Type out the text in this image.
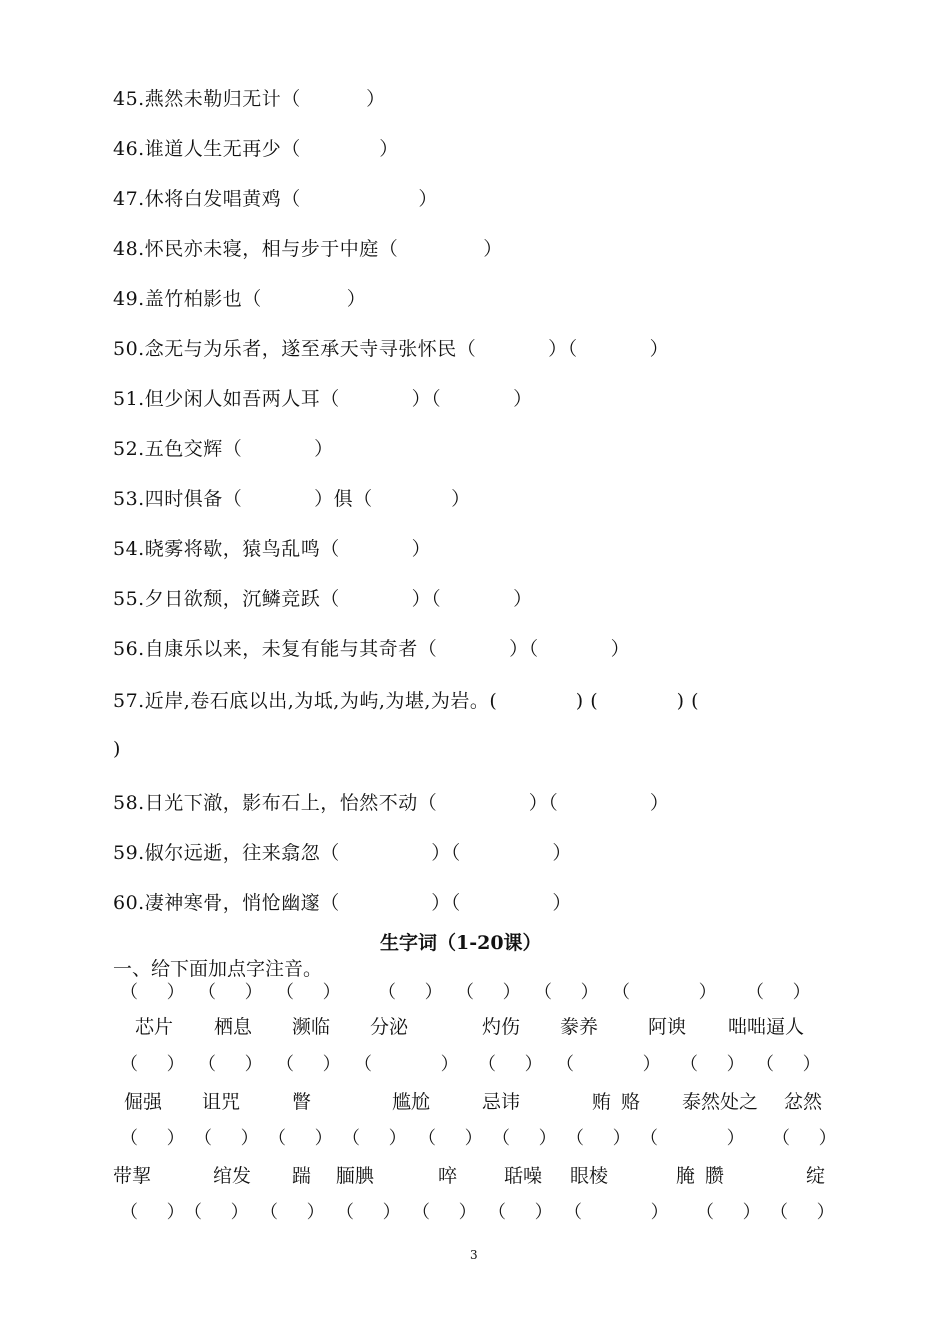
45.燕然未勒归无计（          ）
46.谁道人生无再少（            ）
47.休将白发唱黄鸡（                  ）
48.怀民亦未寝，相与步于中庭（             ）
49.盖竹柏影也（             ）
50.念无与为乐者，遂至承天寺寻张怀民（           ）（           ）
51.但少闲人如吾两人耳（           ）（           ）
52.五色交辉（           ）
53.四时俱备（           ）俱（            ）
54.晓雾将歇，猿鸟乱鸣（           ）
55.夕日欲颓，沉鳞竞跃（           ）（           ）
56.自康乐以来，未复有能与其奇者（           ）（           ）
57.近岸,卷石底以出,为坻,为屿,为堪,为岩。(            ) (            ) (
)
58.日光下澈，影布石上，怡然不动（              ）（              ）
59.俶尔远逝，往来翕忽（              ）（              ）
60.凄神寒骨，悄怆幽邃（              ）（              ）
生字词（1-20课）
一、给下面加点字注音。
（     ） （     ） （     ） （     ） （     ） （     ） （            ） （     ）
芯片 栖息 濒临 分泌	灼伤 豢养	阿谀 咄咄逼人
（     ） （     ） （     ） （            ） （     ） （            ） （     ） （     ）
倔强 诅咒	瞥	尴尬	忌讳	贿赂 泰然处之 忿然
（     ） （     ） （     ） （     ） （     ） （     ） （     ） （            ） （     ）
带挈	绾发 踹 腼腆	啐 聒噪 眼棱	腌臜	绽
（     ） （     ） （     ） （     ） （     ） （     ） （            ） （     ） （     ）
3
